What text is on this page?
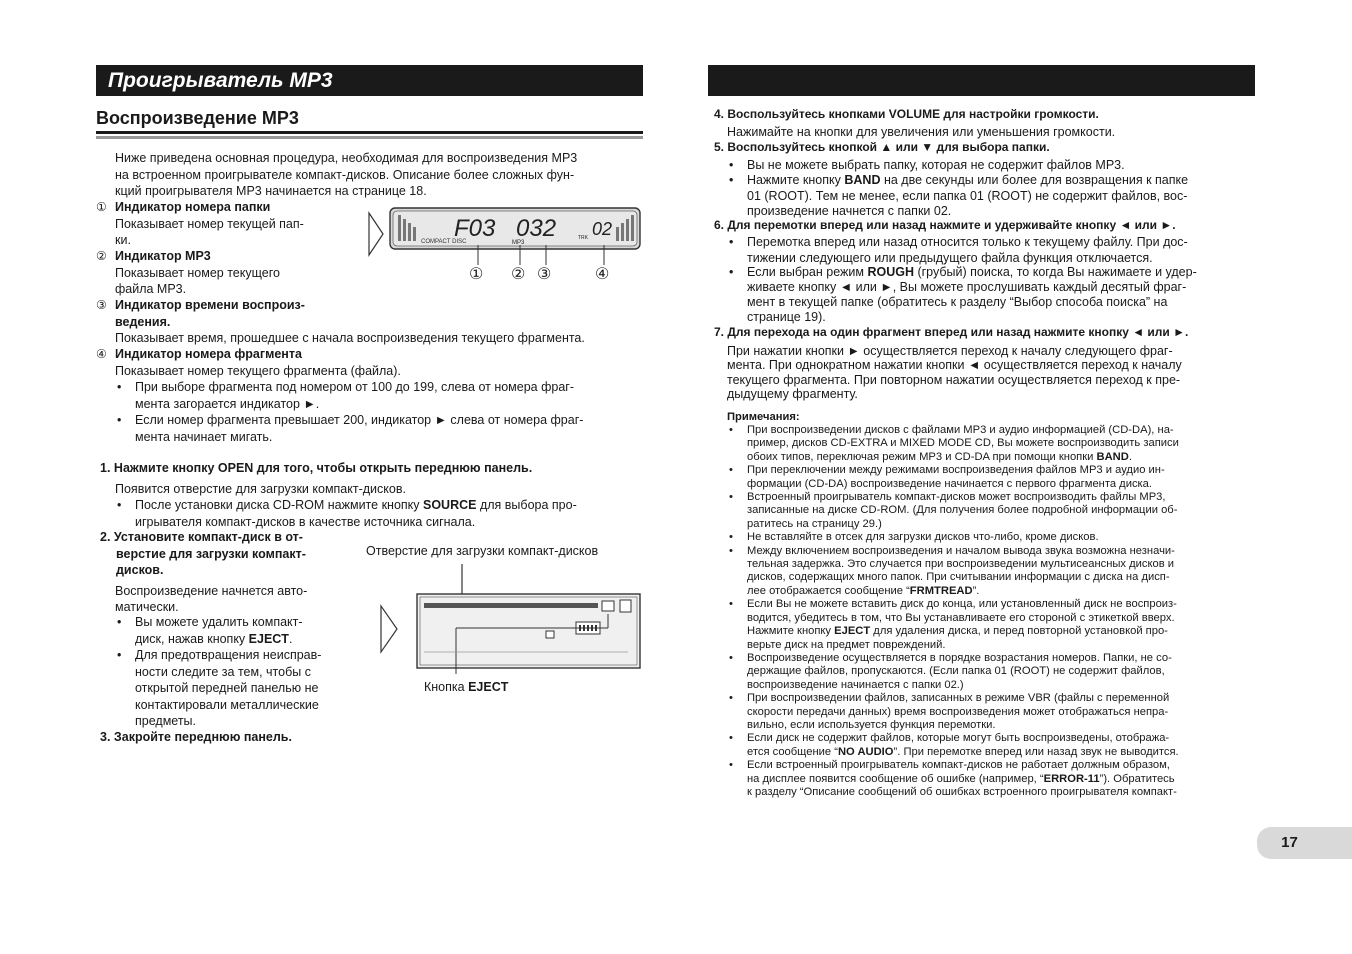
Проигрыватель MP3
Воспроизведение MP3
Ниже приведена основная процедура, необходимая для воспроизведения MP3
на встроенном проигрывателе компакт-дисков. Описание более сложных фун-
кций проигрывателя MP3 начинается на странице 18.
① Индикатор номера папки
Показывает номер текущей пап-
ки.
② Индикатор MP3
Показывает номер текущего
файла MP3.
③ Индикатор времени воспроиз-
ведения.
Показывает время, прошедшее с начала воспроизведения текущего фрагмента.
④ Индикатор номера фрагмента
Показывает номер текущего фрагмента (файла).
• При выборе фрагмента под номером от 100 до 199, слева от номера фраг-
мента загорается индикатор ►.
• Если номер фрагмента превышает 200, индикатор ► слева от номера фраг-
мента начинает мигать.
COMPACT DISC
F03 032 02
MP3
TRK
① ② ③	④
1. Нажмите кнопку OPEN для того, чтобы открыть переднюю панель.
Появится отверстие для загрузки компакт-дисков.
• После установки диска CD-ROM нажмите кнопку SOURCE для выбора про-
игрывателя компакт-дисков в качестве источника сигнала.
2. Установите компакт-диск в от-
верстие для загрузки компакт-
дисков.
Воспроизведение начнется авто-
матически.
• Вы можете удалить компакт-
диск, нажав кнопку EJECT.
• Для предотвращения неисправ-
ности следите за тем, чтобы с
открытой передней панелью не
контактировали металлические
предметы.
3. Закройте переднюю панель.
Отверстие для загрузки компакт-дисков
Кнопка EJECT
4. Воспользуйтесь кнопками VOLUME для настройки громкости.
Нажимайте на кнопки для увеличения или уменьшения громкости.
5. Воспользуйтесь кнопкой ▲ или ▼ для выбора папки.
• Вы не можете выбрать папку, которая не содержит файлов MP3.
• Нажмите кнопку BAND на две секунды или более для возвращения к папке
01 (ROOT). Тем не менее, если папка 01 (ROOT) не содержит файлов, вос-
произведение начнется с папки 02.
6. Для перемотки вперед или назад нажмите и удерживайте кнопку ◄ или ►.
• Перемотка вперед или назад относится только к текущему файлу. При дос-
тижении следующего или предыдущего файла функция отключается.
• Если выбран режим ROUGH (грубый) поиска, то когда Вы нажимаете и удер-
живаете кнопку ◄ или ►, Вы можете прослушивать каждый десятый фраг-
мент в текущей папке (обратитесь к разделу “Выбор способа поиска” на
странице 19).
7. Для перехода на один фрагмент вперед или назад нажмите кнопку ◄ или ►.
При нажатии кнопки ► осуществляется переход к началу следующего фраг-
мента. При однократном нажатии кнопки ◄ осуществляется переход к началу
текущего фрагмента. При повторном нажатии осуществляется переход к пре-
дыдущему фрагменту.
Примечания:
• При воспроизведении дисков с файлами MP3 и аудио информацией (CD-DA), на-
пример, дисков CD-EXTRA и MIXED MODE CD, Вы можете воспроизводить записи
обоих типов, переключая режим MP3 и CD-DA при помощи кнопки BAND.
• При переключении между режимами воспроизведения файлов MP3 и аудио ин-
формации (CD-DA) воспроизведение начинается с первого фрагмента диска.
• Встроенный проигрыватель компакт-дисков может воспроизводить файлы MP3,
записанные на диске CD-ROM. (Для получения более подробной информации об-
ратитесь на страницу 29.)
• Не вставляйте в отсек для загрузки дисков что-либо, кроме дисков.
• Между включением воспроизведения и началом вывода звука возможна незначи-
тельная задержка. Это случается при воспроизведении мультисеансных дисков и
дисков, содержащих много папок. При считывании информации с диска на дисп-
лее отображается сообщение “FRMTREAD”.
• Если Вы не можете вставить диск до конца, или установленный диск не воспроиз-
водится, убедитесь в том, что Вы устанавливаете его стороной с этикеткой вверх.
Нажмите кнопку EJECT для удаления диска, и перед повторной установкой про-
верьте диск на предмет повреждений.
• Воспроизведение осуществляется в порядке возрастания номеров. Папки, не со-
держащие файлов, пропускаются. (Если папка 01 (ROOT) не содержит файлов,
воспроизведение начинается с папки 02.)
• При воспроизведении файлов, записанных в режиме VBR (файлы с переменной
скорости передачи данных) время воспроизведения может отображаться непра-
вильно, если используется функция перемотки.
• Если диск не содержит файлов, которые могут быть воспроизведены, отобража-
ется сообщение “NO AUDIO”. При перемотке вперед или назад звук не выводится.
• Если встроенный проигрыватель компакт-дисков не работает должным образом,
на дисплее появится сообщение об ошибке (например, “ERROR-11”). Обратитесь
к разделу “Описание сообщений об ошибках встроенного проигрывателя компакт-
17
